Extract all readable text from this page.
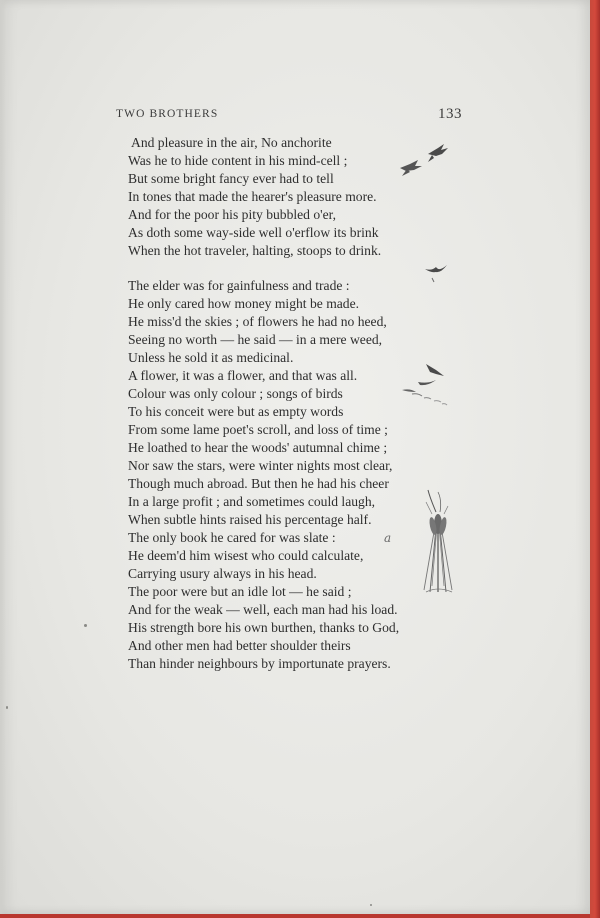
TWO BROTHERS	133
And pleasure in the air, No anchorite
Was he to hide content in his mind-cell ;
But some bright fancy ever had to tell
In tones that made the hearer's pleasure more.
And for the poor his pity bubbled o'er,
As doth some way-side well o'erflow its brink
When the hot traveler, halting, stoops to drink.
The elder was for gainfulness and trade :
He only cared how money might be made.
He miss'd the skies ; of flowers he had no heed,
Seeing no worth — he said — in a mere weed,
Unless he sold it as medicinal.
A flower, it was a flower, and that was all.
Colour was only colour ; songs of birds
To his conceit were but as empty words
From some lame poet's scroll, and loss of time ;
He loathed to hear the woods' autumnal chime ;
Nor saw the stars, were winter nights most clear,
Though much abroad. But then he had his cheer
In a large profit ; and sometimes could laugh,
When subtle hints raised his percentage half.
The only book he cared for was slate :
He deem'd him wisest who could calculate,
Carrying usury always in his head.
The poor were but an idle lot — he said ;
And for the weak — well, each man had his load.
His strength bore his own burthen, thanks to God,
And other men had better shoulder theirs
Than hinder neighbours by importunate prayers.
a
